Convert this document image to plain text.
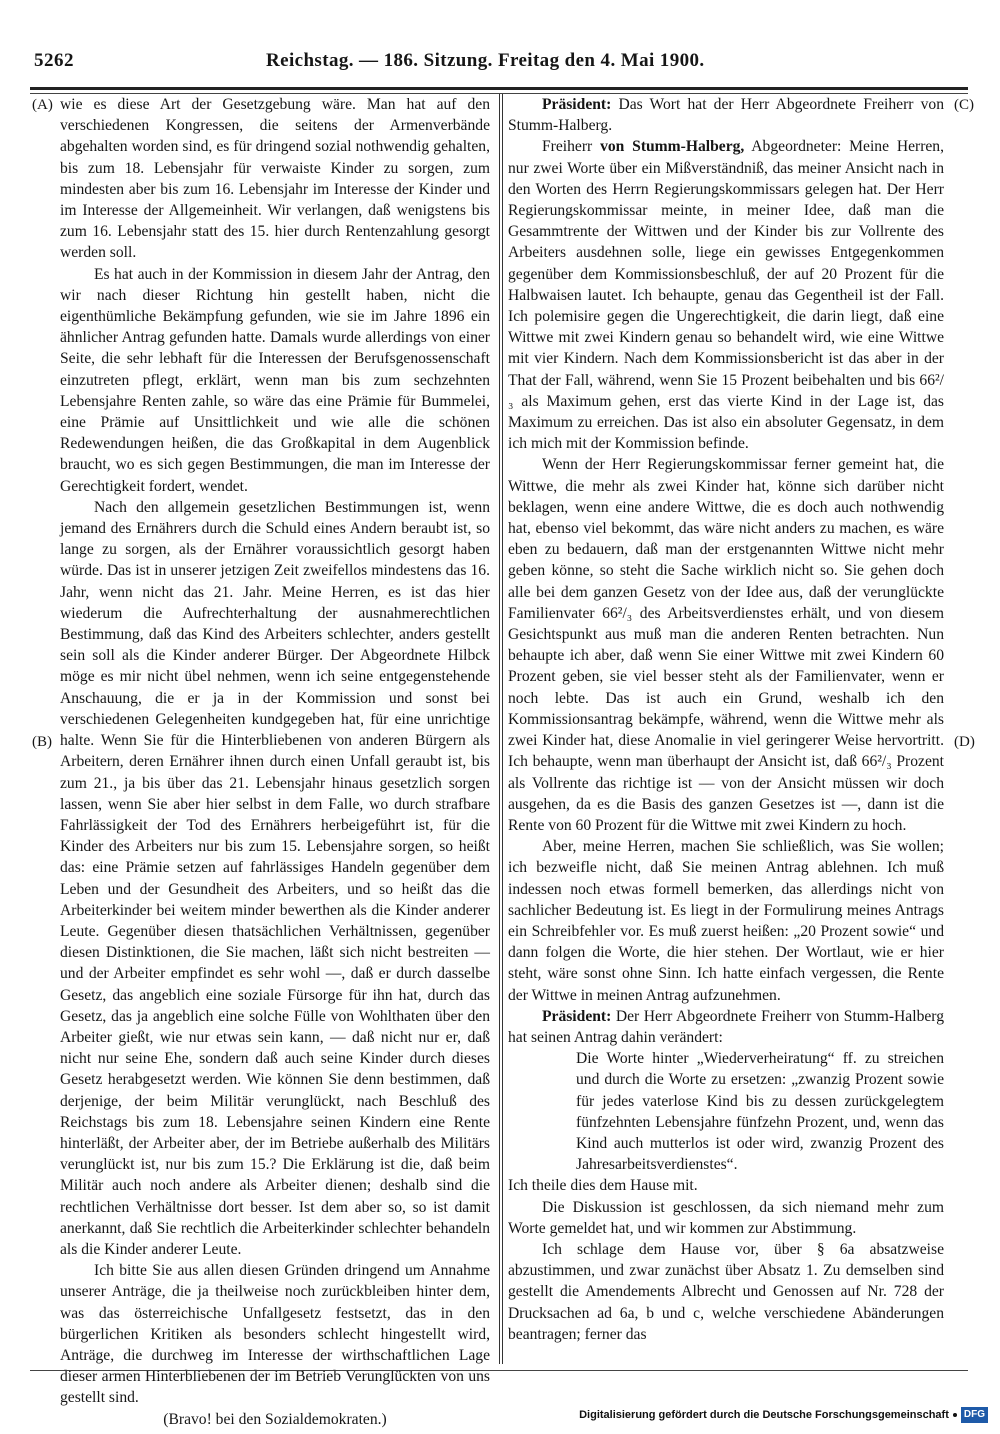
5262	Reichstag. — 186. Sitzung. Freitag den 4. Mai 1900.
(A)
(B)
(C)
(D)

wie es diese Art der Gesetzgebung wäre. Man hat auf den verschiedenen Kongressen, die seitens der Armenverbände abgehalten worden sind, es für dringend sozial nothwendig gehalten, bis zum 18. Lebensjahr für verwaiste Kinder zu sorgen, zum mindesten aber bis zum 16. Lebensjahr im Interesse der Kinder und im Interesse der Allgemeinheit. Wir verlangen, daß wenigstens bis zum 16. Lebensjahr statt des 15. hier durch Rentenzahlung gesorgt werden soll.

Es hat auch in der Kommission in diesem Jahr der Antrag, den wir nach dieser Richtung hin gestellt haben, nicht die eigenthümliche Bekämpfung gefunden, wie sie im Jahre 1896 ein ähnlicher Antrag gefunden hatte. Damals wurde allerdings von einer Seite, die sehr lebhaft für die Interessen der Berufsgenossenschaft einzutreten pflegt, erklärt, wenn man bis zum sechzehnten Lebensjahre Renten zahle, so wäre das eine Prämie für Bummelei, eine Prämie auf Unsittlichkeit und wie alle die schönen Redewendungen heißen, die das Großkapital in dem Augenblick braucht, wo es sich gegen Bestimmungen, die man im Interesse der Gerechtigkeit fordert, wendet.

Nach den allgemein gesetzlichen Bestimmungen ist, wenn jemand des Ernährers durch die Schuld eines Andern beraubt ist, so lange zu sorgen, als der Ernährer voraussichtlich gesorgt haben würde. Das ist in unserer jetzigen Zeit zweifellos mindestens das 16. Jahr, wenn nicht das 21. Jahr. Meine Herren, es ist das hier wiederum die Aufrechterhaltung der ausnahmerechtlichen Bestimmung, daß das Kind des Arbeiters schlechter, anders gestellt sein soll als die Kinder anderer Bürger. Der Abgeordnete Hilbck möge es mir nicht übel nehmen, wenn ich seine entgegenstehende Anschauung, die er ja in der Kommission und sonst bei verschiedenen Gelegenheiten kundgegeben hat, für eine unrichtige halte. Wenn Sie für die Hinterbliebenen von anderen Bürgern als Arbeitern, deren Ernährer ihnen durch einen Unfall geraubt ist, bis zum 21., ja bis über das 21. Lebensjahr hinaus gesetzlich sorgen lassen, wenn Sie aber hier selbst in dem Falle, wo durch strafbare Fahrlässigkeit der Tod des Ernährers herbeigeführt ist, für die Kinder des Arbeiters nur bis zum 15. Lebensjahre sorgen, so heißt das: eine Prämie setzen auf fahrlässiges Handeln gegenüber dem Leben und der Gesundheit des Arbeiters, und so heißt das die Arbeiterkinder bei weitem minder bewerthen als die Kinder anderer Leute. Gegenüber diesen thatsächlichen Verhältnissen, gegenüber diesen Distinktionen, die Sie machen, läßt sich nicht bestreiten — und der Arbeiter empfindet es sehr wohl —, daß er durch dasselbe Gesetz, das angeblich eine soziale Fürsorge für ihn hat, durch das Gesetz, das ja angeblich eine solche Fülle von Wohlthaten über den Arbeiter gießt, wie nur etwas sein kann, — daß nicht nur er, daß nicht nur seine Ehe, sondern daß auch seine Kinder durch dieses Gesetz herabgesetzt werden. Wie können Sie denn bestimmen, daß derjenige, der beim Militär verunglückt, nach Beschluß des Reichstags bis zum 18. Lebensjahre seinen Kindern eine Rente hinterläßt, der Arbeiter aber, der im Betriebe außerhalb des Militärs verunglückt ist, nur bis zum 15.? Die Erklärung ist die, daß beim Militär auch noch andere als Arbeiter dienen; deshalb sind die rechtlichen Verhältnisse dort besser. Ist dem aber so, so ist damit anerkannt, daß Sie rechtlich die Arbeiterkinder schlechter behandeln als die Kinder anderer Leute.

Ich bitte Sie aus allen diesen Gründen dringend um Annahme unserer Anträge, die ja theilweise noch zurückbleiben hinter dem, was das österreichische Unfallgesetz festsetzt, das in den bürgerlichen Kritiken als besonders schlecht hingestellt wird, Anträge, die durchweg im Interesse der wirthschaftlichen Lage dieser armen Hinterbliebenen der im Betrieb Verunglückten von uns gestellt sind.

(Bravo! bei den Sozialdemokraten.)

Präsident: Das Wort hat der Herr Abgeordnete Freiherr von Stumm-Halberg.

Freiherr von Stumm-Halberg, Abgeordneter: Meine Herren, nur zwei Worte über ein Mißverständniß, das meiner Ansicht nach in den Worten des Herrn Regierungskommissars gelegen hat. Der Herr Regierungskommissar meinte, in meiner Idee, daß man die Gesammtrente der Wittwen und der Kinder bis zur Vollrente des Arbeiters ausdehnen solle, liege ein gewisses Entgegenkommen gegenüber dem Kommissionsbeschluß, der auf 20 Prozent für die Halbwaisen lautet. Ich behaupte, genau das Gegentheil ist der Fall. Ich polemisire gegen die Ungerechtigkeit, die darin liegt, daß eine Wittwe mit zwei Kindern genau so behandelt wird, wie eine Wittwe mit vier Kindern. Nach dem Kommissionsbericht ist das aber in der That der Fall, während, wenn Sie 15 Prozent beibehalten und bis 66²/₃ als Maximum gehen, erst das vierte Kind in der Lage ist, das Maximum zu erreichen. Das ist also ein absoluter Gegensatz, in dem ich mich mit der Kommission befinde.

Wenn der Herr Regierungskommissar ferner gemeint hat, die Wittwe, die mehr als zwei Kinder hat, könne sich darüber nicht beklagen, wenn eine andere Wittwe, die es doch auch nothwendig hat, ebenso viel bekommt, das wäre nicht anders zu machen, es wäre eben zu bedauern, daß man der erstgenannten Wittwe nicht mehr geben könne, so steht die Sache wirklich nicht so. Sie gehen doch alle bei dem ganzen Gesetz von der Idee aus, daß der verunglückte Familienvater 66²/₃ des Arbeitsverdienstes erhält, und von diesem Gesichtspunkt aus muß man die anderen Renten betrachten. Nun behaupte ich aber, daß wenn Sie einer Wittwe mit zwei Kindern 60 Prozent geben, sie viel besser steht als der Familienvater, wenn er noch lebte. Das ist auch ein Grund, weshalb ich den Kommissionsantrag bekämpfe, während, wenn die Wittwe mehr als zwei Kinder hat, diese Anomalie in viel geringerer Weise hervortritt. Ich behaupte, wenn man überhaupt der Ansicht ist, daß 66²/₃ Prozent als Vollrente das richtige ist — von der Ansicht müssen wir doch ausgehen, da es die Basis des ganzen Gesetzes ist —, dann ist die Rente von 60 Prozent für die Wittwe mit zwei Kindern zu hoch.

Aber, meine Herren, machen Sie schließlich, was Sie wollen; ich bezweifle nicht, daß Sie meinen Antrag ablehnen. Ich muß indessen noch etwas formell bemerken, das allerdings nicht von sachlicher Bedeutung ist. Es liegt in der Formulirung meines Antrags ein Schreibfehler vor. Es muß zuerst heißen: „20 Prozent sowie“ und dann folgen die Worte, die hier stehen. Der Wortlaut, wie er hier steht, wäre sonst ohne Sinn. Ich hatte einfach vergessen, die Rente der Wittwe in meinen Antrag aufzunehmen.

Präsident: Der Herr Abgeordnete Freiherr von Stumm-Halberg hat seinen Antrag dahin verändert:

Die Worte hinter „Wiederverheiratung“ ff. zu streichen und durch die Worte zu ersetzen: „zwanzig Prozent sowie für jedes vaterlose Kind bis zu dessen zurückgelegtem fünfzehnten Lebensjahre fünfzehn Prozent, und, wenn das Kind auch mutterlos ist oder wird, zwanzig Prozent des Jahresarbeitsverdienstes“.

Ich theile dies dem Hause mit.

Die Diskussion ist geschlossen, da sich niemand mehr zum Worte gemeldet hat, und wir kommen zur Abstimmung.

Ich schlage dem Hause vor, über § 6a absatzweise abzustimmen, und zwar zunächst über Absatz 1. Zu demselben sind gestellt die Amendements Albrecht und Genossen auf Nr. 728 der Drucksachen ad 6a, b und c, welche verschiedene Abänderungen beantragen; ferner das

Digitalisierung gefördert durch die Deutsche Forschungsgemeinschaft	DFG
